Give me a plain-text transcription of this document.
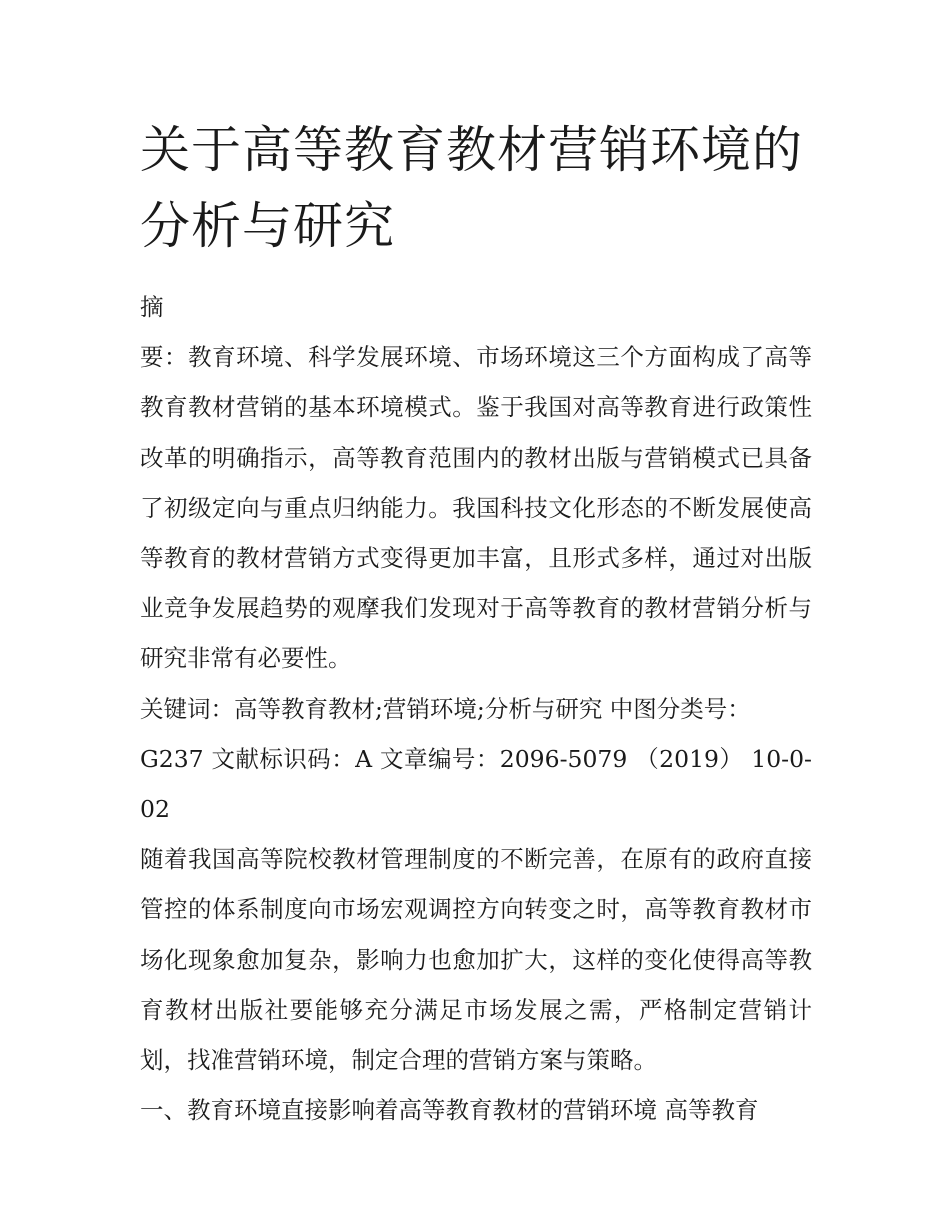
关于高等教育教材营销环境的分析与研究

摘

要：教育环境、科学发展环境、市场环境这三个方面构成了高等教育教材营销的基本环境模式。鉴于我国对高等教育进行政策性改革的明确指示，高等教育范围内的教材出版与营销模式已具备了初级定向与重点归纳能力。我国科技文化形态的不断发展使高等教育的教材营销方式变得更加丰富，且形式多样，通过对出版业竞争发展趋势的观摩我们发现对于高等教育的教材营销分析与研究非常有必要性。

关键词：高等教育教材;营销环境;分析与研究 中图分类号：

G237 文献标识码：A 文章编号：2096-5079 （2019） 10-0-02

随着我国高等院校教材管理制度的不断完善，在原有的政府直接管控的体系制度向市场宏观调控方向转变之时，高等教育教材市场化现象愈加复杂，影响力也愈加扩大，这样的变化使得高等教育教材出版社要能够充分满足市场发展之需，严格制定营销计划，找准营销环境，制定合理的营销方案与策略。

一、教育环境直接影响着高等教育教材的营销环境 高等教育
